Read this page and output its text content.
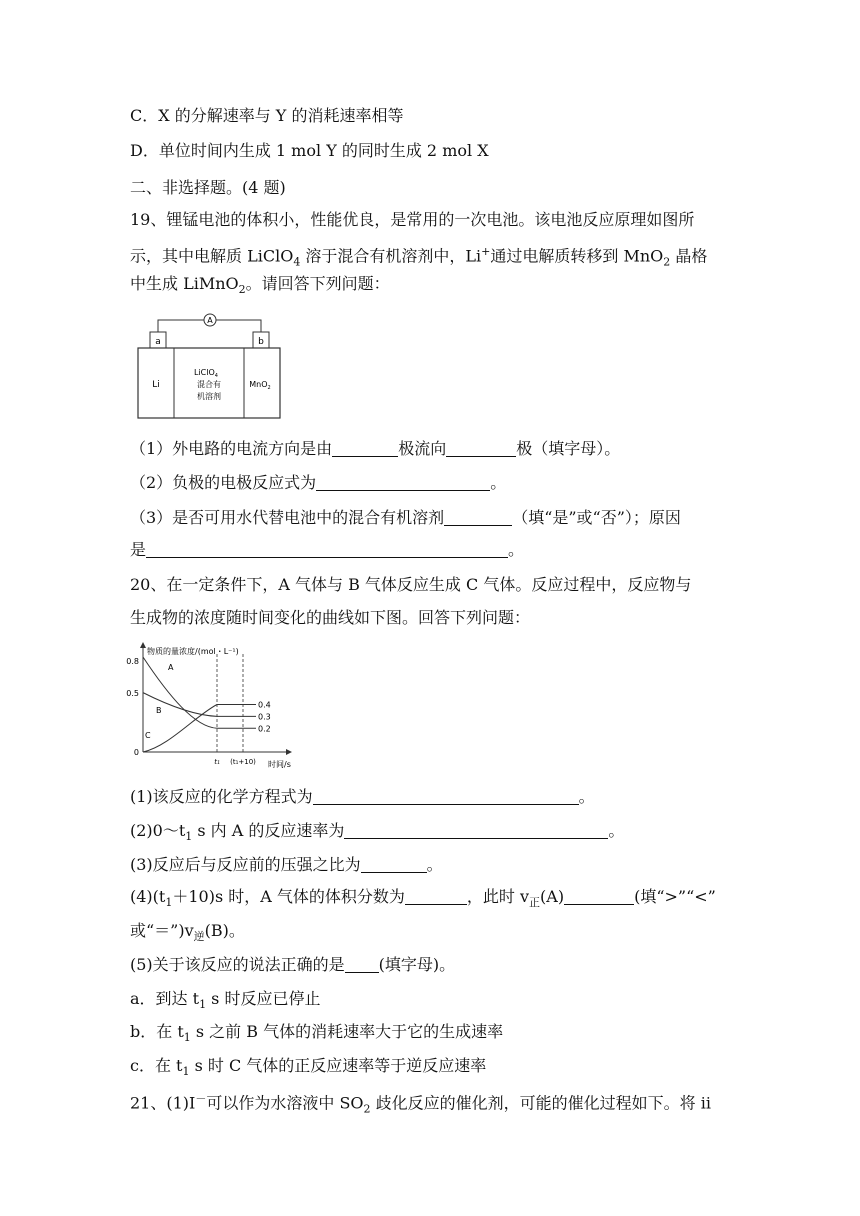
C．X 的分解速率与 Y 的消耗速率相等
D．单位时间内生成 1 mol Y 的同时生成 2 mol X
二、非选择题。(4 题)
19、锂锰电池的体积小，性能优良，是常用的一次电池。该电池反应原理如图所
示，其中电解质 LiClO$_4$ 溶于混合有机溶剂中，Li+通过电解质转移到 MnO$_2$ 晶格
中生成 LiMnO$_2$。请回答下列问题：
A
a	b
Li
LiClO$_4$
混合有
机溶剂
MnO$_2$
（1）外电路的电流方向是由	极流向	极（填字母）。
（2）负极的电极反应式为	。
（3）是否可用水代替电池中的混合有机溶剂	（填“是”或“否”）；原因
是	。
20、在一定条件下，A 气体与 B 气体反应生成 C 气体。反应过程中，反应物与
生成物的浓度随时间变化的曲线如下图。回答下列问题：
物质的量浓度/(mol・L⁻¹)
时间/s
0
0.5
0.8
t₁ (t₁+10)
A
0.2
B
0.3
C
0.4
(1)该反应的化学方程式为	。
$(2)0\sim t_1$ s 内 A 的反应速率为	。
(3)反应后与反应前的压强之比为	。
$(4)(t_1+10)s$ 时，A 气体的体积分数为	，此时 $v_正(A)$	(填“>”“<”
或“$=”)v_逆(B)$。
(5)关于该反应的说法正确的是 (填字母)。
a．到达 $t_1$ s 时反应已停止
b．在 $t_1$ s 之前 B 气体的消耗速率大于它的生成速率
c．在 $t_1$ s 时 C 气体的正反应速率等于逆反应速率
21、(1)I－可以作为水溶液中 $SO_2$ 歧化反应的催化剂，可能的催化过程如下。将 ii
